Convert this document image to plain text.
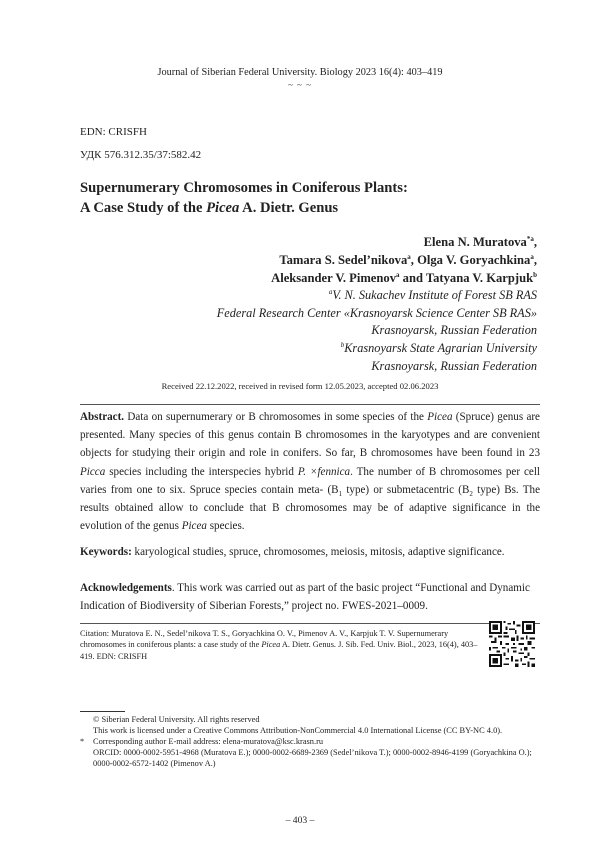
Journal of Siberian Federal University. Biology 2023 16(4): 403–419
~ ~ ~
EDN: CRISFH
УДК 576.312.35/37:582.42
Supernumerary Chromosomes in Coniferous Plants:
A Case Study of the Picea A. Dietr. Genus
Elena N. Muratova$^{*a}$,
Tamara S. Sedel’nikova$^a$, Olga V. Goryachkina$^a$,
Aleksander V. Pimenov$^a$ and Tatyana V. Karpjuk$^b$
$^a$V. N. Sukachev Institute of Forest SB RAS
Federal Research Center «Krasnoyarsk Science Center SB RAS»
Krasnoyarsk, Russian Federation
$^b$Krasnoyarsk State Agrarian University
Krasnoyarsk, Russian Federation
Received 22.12.2022, received in revised form 12.05.2023, accepted 02.06.2023
Abstract. Data on supernumerary or B chromosomes in some species of the Picea (Spruce) genus are presented. Many species of this genus contain B chromosomes in the karyotypes and are convenient objects for studying their origin and role in conifers. So far, B chromosomes have been found in 23 Picca species including the interspecies hybrid P. ×fennica. The number of B chromosomes per cell varies from one to six. Spruce species contain meta- ($B_1$ type) or submetacentric ($B_2$ type) Bs. The results obtained allow to conclude that B chromosomes may be of adaptive significance in the evolution of the genus Picea species.
Keywords: karyological studies, spruce, chromosomes, meiosis, mitosis, adaptive significance.
Acknowledgements. This work was carried out as part of the basic project “Functional and Dynamic Indication of Biodiversity of Siberian Forests,” project no. FWES-2021–0009.
Citation: Muratova E. N., Sedel’nikova T. S., Goryachkina O. V., Pimenov A. V., Karpjuk T. V. Supernumerary chromosomes in coniferous plants: a case study of the Picea A. Dietr. Genus. J. Sib. Fed. Univ. Biol., 2023, 16(4), 403–419. EDN: CRISFH
© Siberian Federal University. All rights reserved
This work is licensed under a Creative Commons Attribution-NonCommercial 4.0 International License (CC BY-NC 4.0).
* Corresponding author E-mail address: elena-muratova@ksc.krasn.ru
ORCID: 0000-0002-5951-4968 (Muratova E.); 0000-0002-6689-2369 (Sedel’nikova T.); 0000-0002-8946-4199 (Goryachkina O.); 0000-0002-6572-1402 (Pimenov A.)
– 403 –
